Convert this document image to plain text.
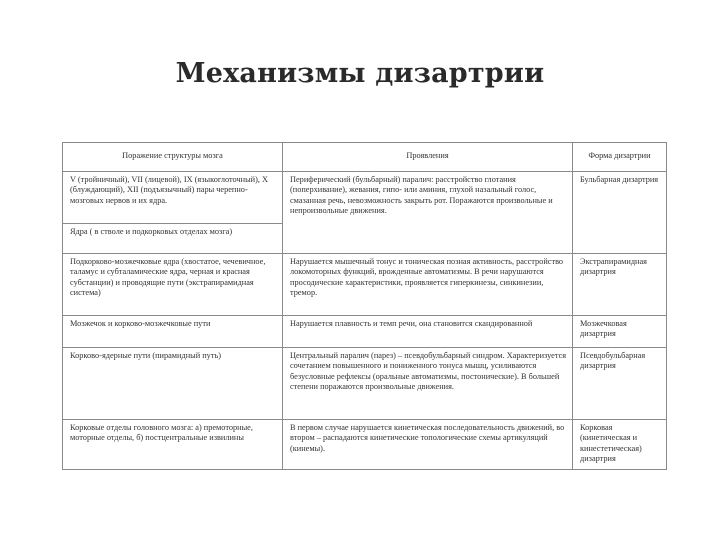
Механизмы дизартрии
Поражение структуры мозга	Проявления	Форма дизартрии
V (тройничный), VII (лицевой), IX (языкоглоточный), X (блуждающий), XII (подъязычный) пары черепно-мозговых нервов и их ядра.	Периферический (бульбарный) паралич: расстройство глотания (поперхивание), жевания, гипо- или аминия, глухой назальный голос, смазанная речь, невозможность закрыть рот. Поражаются произвольные и непроизвольные движения.	Бульбарная дизартрия
Ядра ( в стволе и подкорковых отделах мозга)		
Подкорково-мозжечковые ядра (хвостатое, чечевичное, таламус и субталамические ядра, черная и красная субстанции) и проводящие пути (экстрапирамидная система)	Нарушается мышечный тонус и тоническая позная активность, расстройство локомоторных функций, врожденные автоматизмы. В речи нарушаются просодические характеристики, проявляется гиперкинезы, синкинезии, тремор.	Экстрапирамидная дизартрия
Мозжечок и корково-мозжечковые пути	Нарушается плавность и темп речи, она становится скандированной	Мозжечковая дизартрия
Корково-ядерные пути (пирамидный путь)	Центральный паралич (парез) – псевдобульбарный синдром. Характеризуется сочетанием повышенного и пониженного тонуса мышц, усиливаются безусловные рефлексы (оральные автоматизмы, постонические). В большей степени поражаются произвольные движения.	Псевдобульбарная дизартрия
Корковые отделы головного мозга: а) премоторные, моторные отделы, б) постцентральные извилины	В первом случае нарушается кинетическая последовательность движений, во втором – распадаются кинетические топологические схемы артикуляций (кинемы).	Корковая (кинетическая и кинестетическая) дизартрия
